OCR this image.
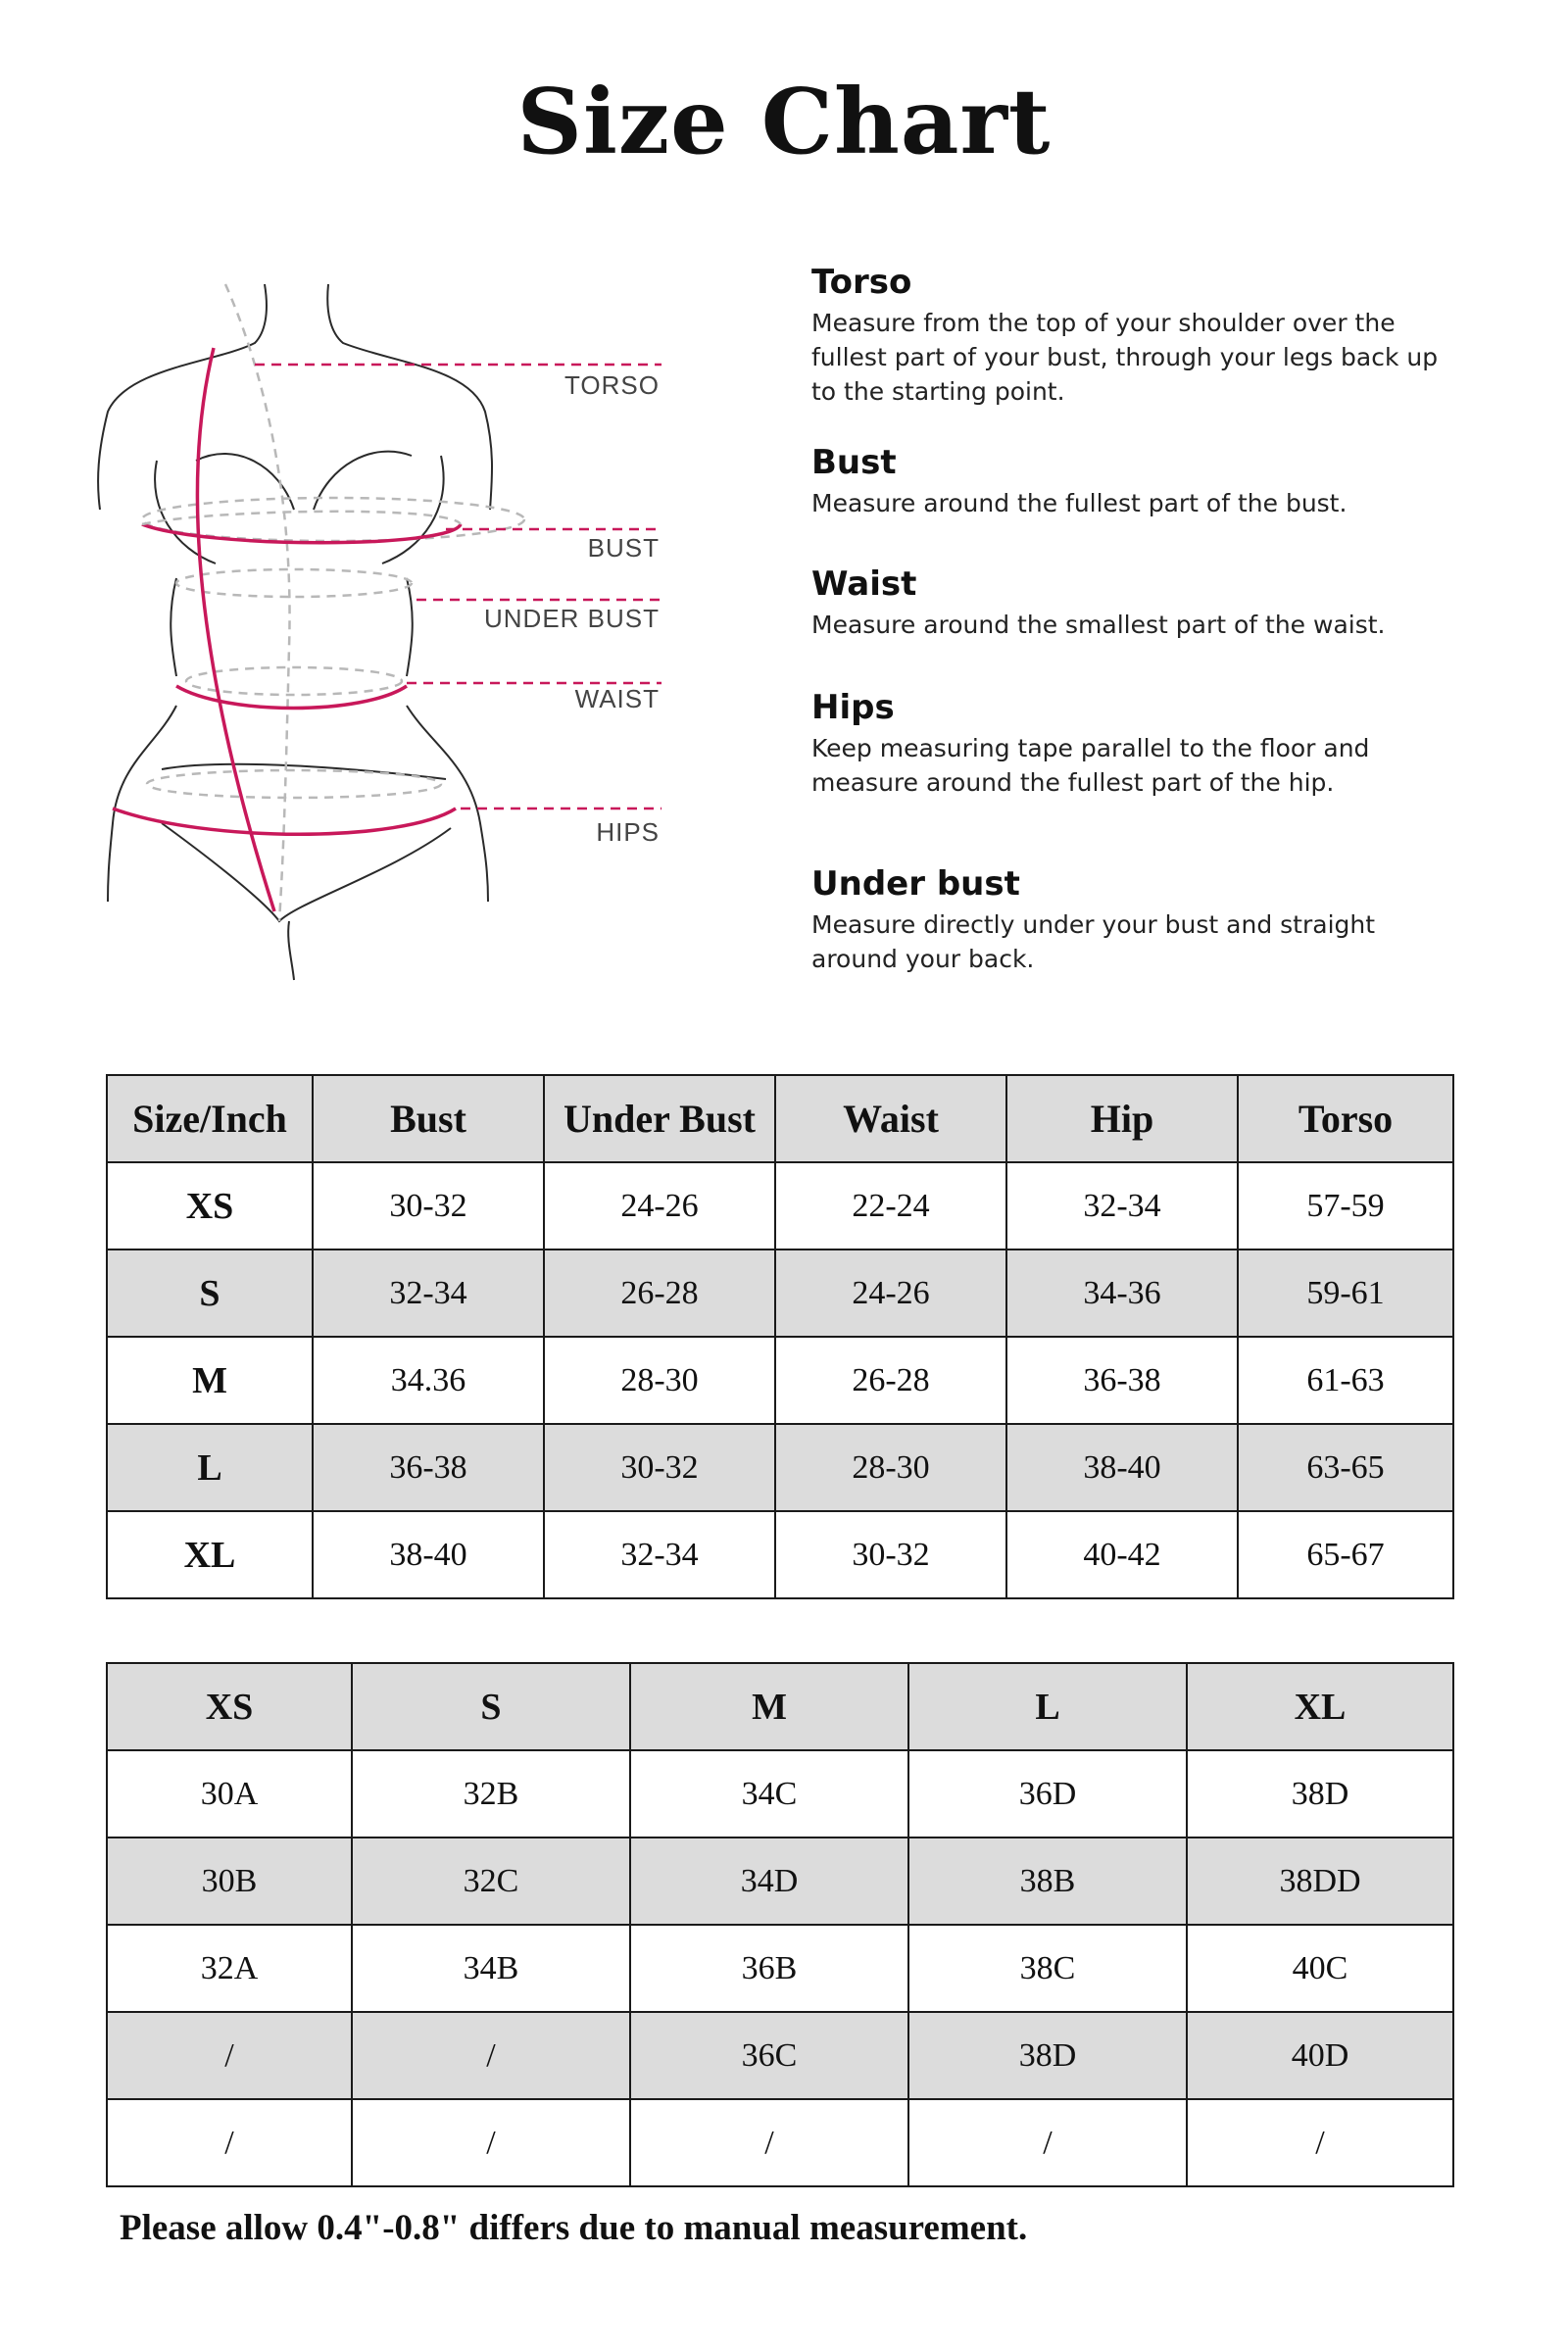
Size Chart
TORSO
BUST
UNDER BUST
WAIST
HIPS
Torso

Measure from the top of your shoulder over the fullest part of your bust, through your legs back up to the starting point.

Bust

Measure around the fullest part of the bust.

Waist

Measure around the smallest part of the waist.

Hips

Keep measuring tape parallel to the floor and measure around the fullest part of the hip.

Under bust

Measure directly under your bust and straight around your back.

Size/Inch	Bust	Under Bust	Waist	Hip	Torso
XS	30-32	24-26	22-24	32-34	57-59
S	32-34	26-28	24-26	34-36	59-61
M	34.36	28-30	26-28	36-38	61-63
L	36-38	30-32	28-30	38-40	63-65
XL	38-40	32-34	30-32	40-42	65-67
XS	S	M	L	XL
30A	32B	34C	36D	38D
30B	32C	34D	38B	38DD
32A	34B	36B	38C	40C
/	/	36C	38D	40D
/	/	/	/	/

Please allow 0.4"-0.8" differs due to manual measurement.
